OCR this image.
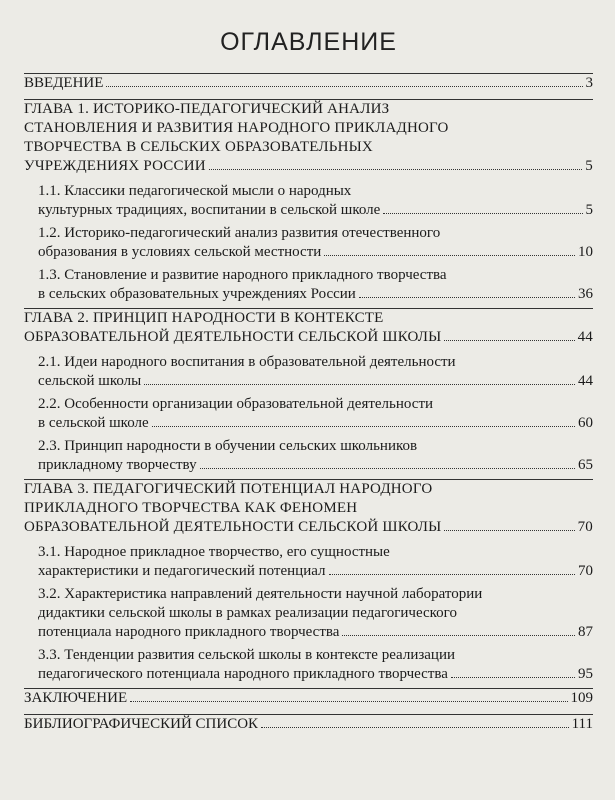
ОГЛАВЛЕНИЕ
ВВЕДЕНИЕ	3
ГЛАВА 1. ИСТОРИКО-ПЕДАГОГИЧЕСКИЙ АНАЛИЗ
СТАНОВЛЕНИЯ И РАЗВИТИЯ НАРОДНОГО ПРИКЛАДНОГО
ТВОРЧЕСТВА В СЕЛЬСКИХ ОБРАЗОВАТЕЛЬНЫХ
УЧРЕЖДЕНИЯХ РОССИИ	5
1.1. Классики педагогической мысли о народных
культурных традициях, воспитании в сельской школе	5
1.2. Историко-педагогический анализ развития отечественного
образования в условиях сельской местности	10
1.3. Становление и развитие народного прикладного творчества
в сельских образовательных учреждениях России	36
ГЛАВА 2. ПРИНЦИП НАРОДНОСТИ В КОНТЕКСТЕ
ОБРАЗОВАТЕЛЬНОЙ ДЕЯТЕЛЬНОСТИ СЕЛЬСКОЙ ШКОЛЫ	44
2.1. Идеи народного воспитания в образовательной деятельности
сельской школы	44
2.2. Особенности организации образовательной деятельности
в сельской школе	60
2.3. Принцип народности в обучении сельских школьников
прикладному творчеству	65
ГЛАВА 3. ПЕДАГОГИЧЕСКИЙ ПОТЕНЦИАЛ НАРОДНОГО
ПРИКЛАДНОГО ТВОРЧЕСТВА КАК ФЕНОМЕН
ОБРАЗОВАТЕЛЬНОЙ ДЕЯТЕЛЬНОСТИ СЕЛЬСКОЙ ШКОЛЫ	70
3.1. Народное прикладное творчество, его сущностные
характеристики и педагогический потенциал	70
3.2. Характеристика направлений деятельности научной лаборатории
дидактики сельской школы в рамках реализации педагогического
потенциала народного прикладного творчества	87
3.3. Тенденции развития сельской школы в контексте реализации
педагогического потенциала народного прикладного творчества	95
ЗАКЛЮЧЕНИЕ	109
БИБЛИОГРАФИЧЕСКИЙ СПИСОК	111
